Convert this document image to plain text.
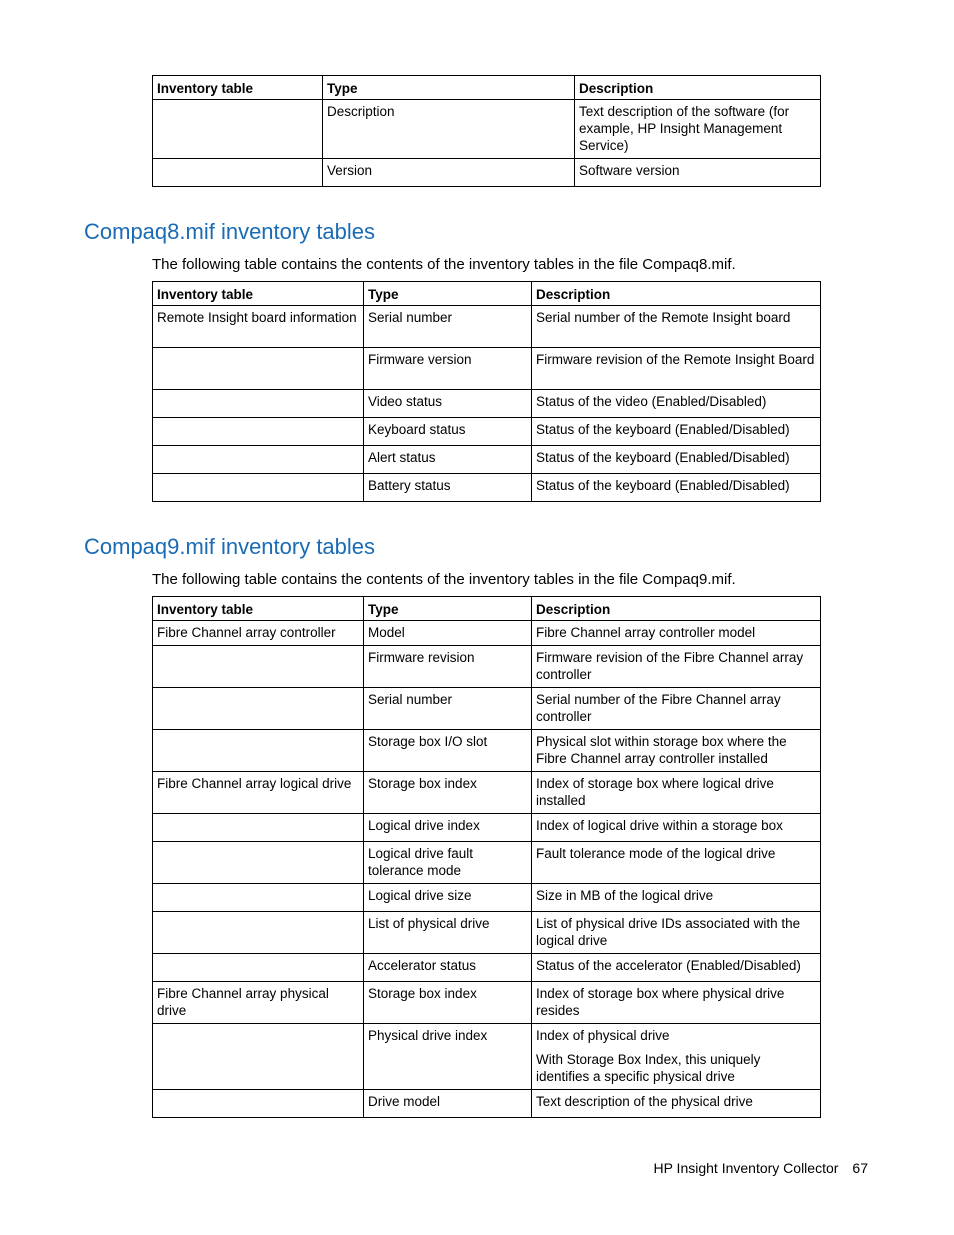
Inventory table	Type	Description
	Description	Text description of the software (for example, HP Insight Management Service)

	Version	Software version
Compaq8.mif inventory tables

The following table contains the contents of the inventory tables in the file Compaq8.mif.

Inventory table	Type	Description
Remote Insight board information	Serial number	Serial number of the Remote Insight board

	Firmware version	Firmware revision of the Remote Insight Board

	Video status	Status of the video (Enabled/Disabled)

	Keyboard status	Status of the keyboard (Enabled/Disabled)

	Alert status	Status of the keyboard (Enabled/Disabled)

	Battery status	Status of the keyboard (Enabled/Disabled)
Compaq9.mif inventory tables

The following table contains the contents of the inventory tables in the file Compaq9.mif.

Inventory table	Type	Description
Fibre Channel array controller	Model	Fibre Channel array controller model

	Firmware revision	Firmware revision of the Fibre Channel array controller

	Serial number	Serial number of the Fibre Channel array controller

	Storage box I/O slot	Physical slot within storage box where the Fibre Channel array controller installed

Fibre Channel array logical drive	Storage box index	Index of storage box where logical drive installed

	Logical drive index	Index of logical drive within a storage box

	Logical drive fault tolerance mode	Fault tolerance mode of the logical drive

	Logical drive size	Size in MB of the logical drive

	List of physical drive	List of physical drive IDs associated with the logical drive

	Accelerator status	Status of the accelerator (Enabled/Disabled)

Fibre Channel array physical drive	Storage box index	Index of storage box where physical drive resides

	Physical drive index	Index of physical drive
With Storage Box Index, this uniquely identifies a specific physical drive

	Drive model	Text description of the physical drive
HP Insight Inventory Collector 67
